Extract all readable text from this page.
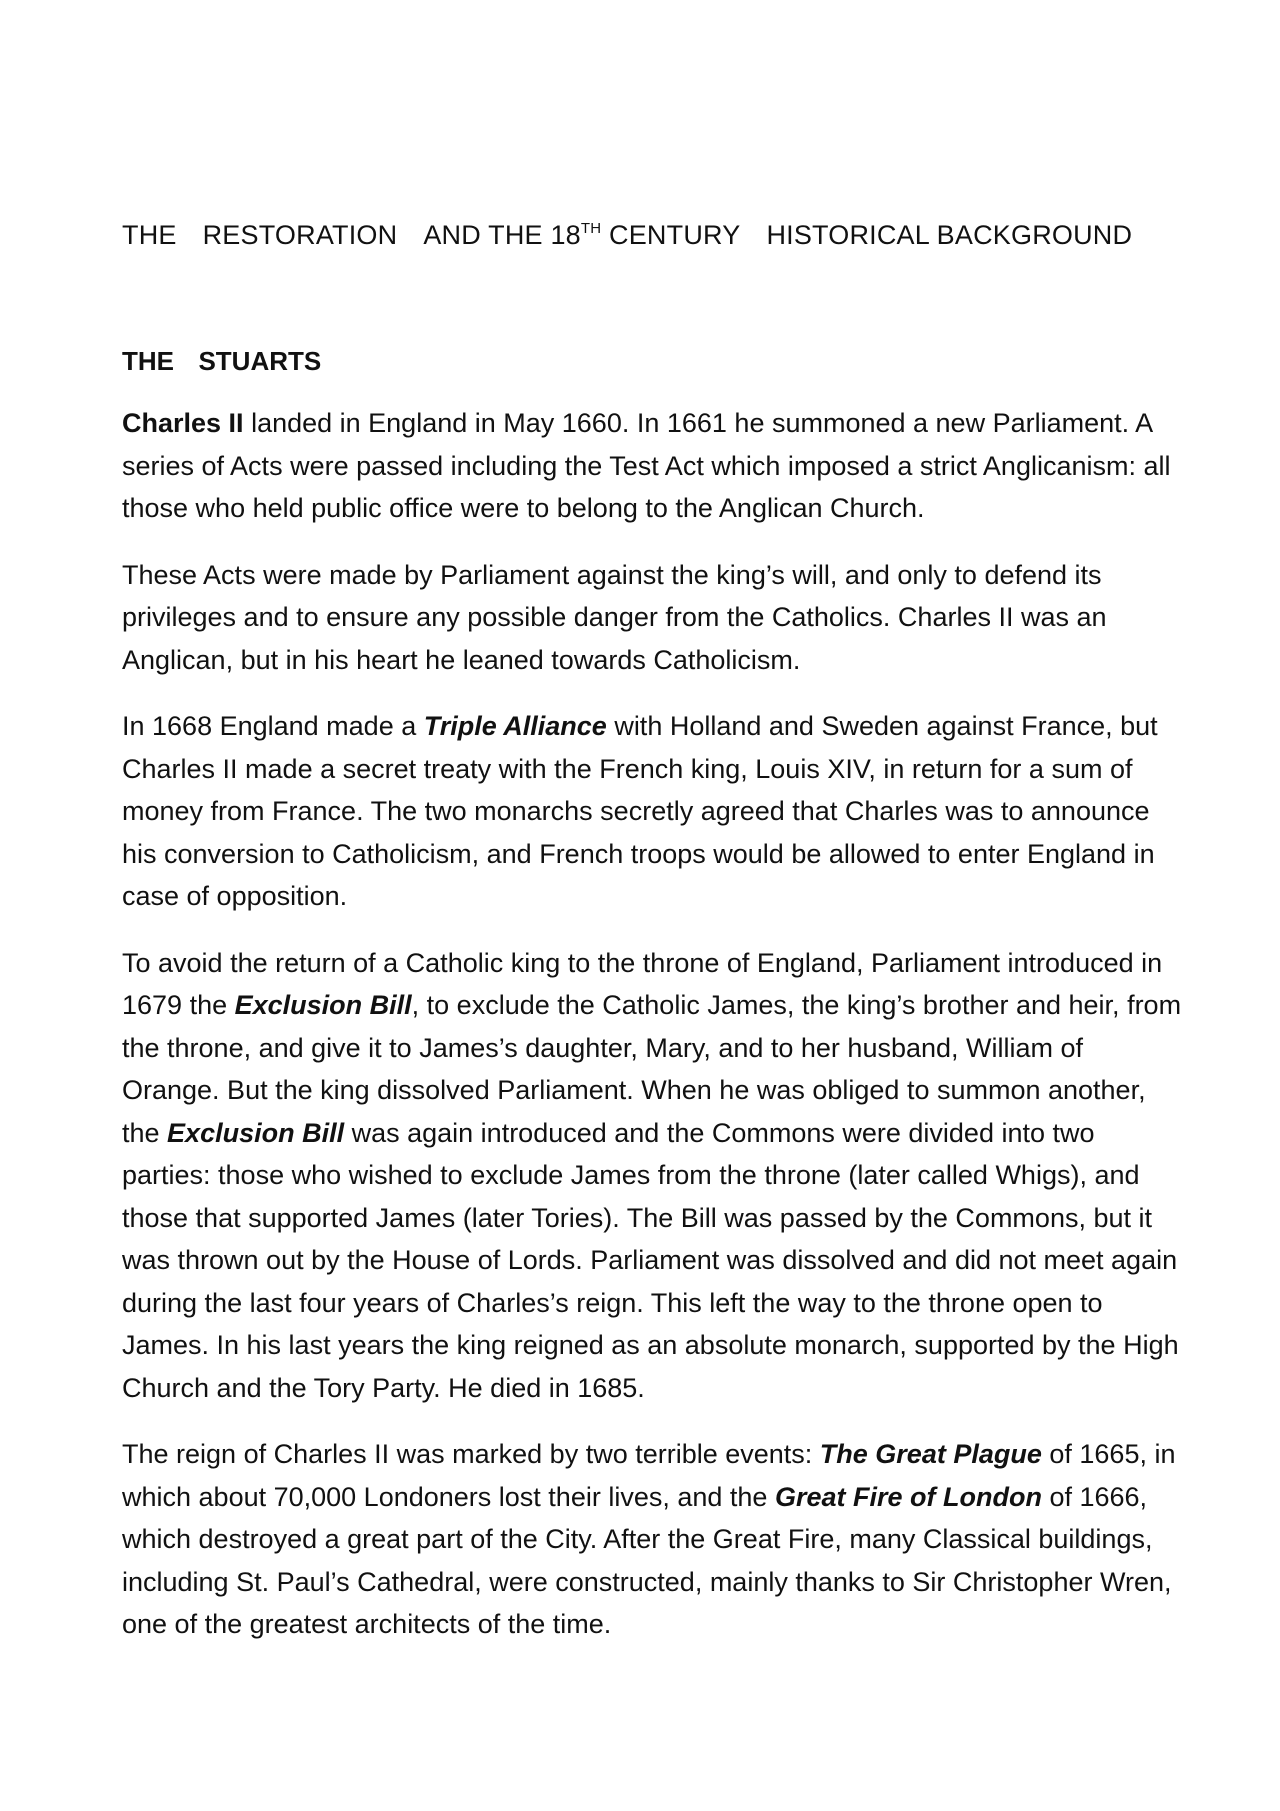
THE RESTORATION AND THE 18TH CENTURY HISTORICAL BACKGROUND
THE  STUARTS

Charles II landed in England in May 1660. In 1661 he summoned a new Parliament. A series of Acts were passed including the Test Act which imposed a strict Anglicanism: all those who held public office were to belong to the Anglican Church.

These Acts were made by Parliament against the king’s will, and only to defend its privileges and to ensure any possible danger from the Catholics. Charles II was an Anglican, but in his heart he leaned towards Catholicism.

In 1668 England made a Triple Alliance with Holland and Sweden against France, but Charles II made a secret treaty with the French king, Louis XIV, in return for a sum of money from France. The two monarchs secretly agreed that Charles was to announce his conversion to Catholicism, and French troops would be allowed to enter England in case of opposition.

To avoid the return of a Catholic king to the throne of England, Parliament introduced in 1679 the Exclusion Bill, to exclude the Catholic James, the king’s brother and heir, from the throne, and give it to James’s daughter, Mary, and to her husband, William of Orange. But the king dissolved Parliament. When he was obliged to summon another, the Exclusion Bill was again introduced and the Commons were divided into two parties: those who wished to exclude James from the throne (later called Whigs), and those that supported James (later Tories). The Bill was passed by the Commons, but it was thrown out by the House of Lords. Parliament was dissolved and did not meet again during the last four years of Charles’s reign. This left the way to the throne open to James. In his last years the king reigned as an absolute monarch, supported by the High Church and the Tory Party. He died in 1685.

The reign of Charles II was marked by two terrible events: The Great Plague of 1665, in which about 70,000 Londoners lost their lives, and the Great Fire of London of 1666, which destroyed a great part of the City. After the Great Fire, many Classical buildings, including St. Paul’s Cathedral, were constructed, mainly thanks to Sir Christopher Wren, one of the greatest architects of the time.
